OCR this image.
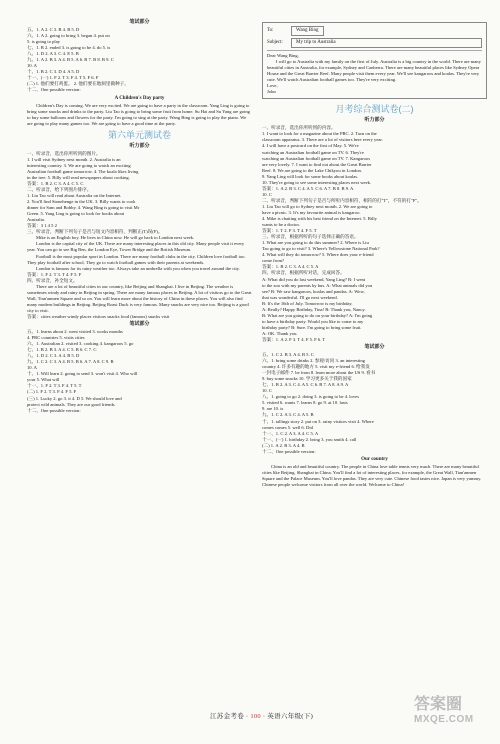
笔试部分
五、1. A 2. C 3. B 4. B 5. D
六、1. A 2. going to bring 3. began 4. put on
5. is going to play
七、1. B 2. ended 3. is going to be 4. do 5. is
八、1. D 2. A 3. C 4. E 5. B
九、1. A 2. B 3. A 4. B 5. A 6. B 7. B 8. B 9. C
10. A
十、1. B 2. C 3. D 4. A 5. D
十一、(一) 1. F 2. T 3. F 4. T 5. F 6. F
(二) 1. 他们要打鸡蛋。 2. 他们要在地洞里做种子。
十二、One possible version:
A Children's Day party
Children's Day is coming. We are very excited. We are going to have a party in the classroom. Yang Ling is going to bring some snacks and drinks to the party. Liu Tao is going to bring some fruit from home. Su Hai and Su Yang are going to buy some balloons and flowers for the party. I'm going to sing at the party. Wang Bing is going to play the piano. We are going to play many games too. We are going to have a good time at the party.
第六单元测试卷
听力部分
一、听录音，选出你所听到的图片。
1. I will visit Sydney next month. 2. Australia is an
interesting country. 3. We are going to watch an exciting
Australian football game tomorrow. 4. The koala likes living
in the tree. 5. Billy will read newspapers about cooking.
答案：1. B 2. C 3. A 4. C 5. C
二、听录音，给下列图片排序。
1. Liu Tao will read about Australia on the Internet.
2. You'll find Stonehenge in the UK. 3. Billy wants to cook
dinner for Sam and Bobby. 4. Wang Bing is going to visit Mr
Green. 5. Yang Ling is going to look for books about
Australia.
答案：3 1 4 5 2
三、听录音，判断下列句子是否与短文内容相符，判断正(T)误(F)。
Mike is an English boy. He lives in China now. He will go back to London next week.
London is the capital city of the UK. There are many interesting places in this old city. Many people visit it every year. You can go to see Big Ben, the London Eye, Tower Bridge and the British Museum.
Football is the most popular sport in London. There are many football clubs in the city. Children love football too. They play football after school, They go to watch football games with their parents at weekends.
London is famous for its rainy weather too. Always take an umbrella with you when you travel around the city.
答案：1. F 2. T 3. T 4. F 5. F
四、听录音，补全短文。
There are a lot of beautiful cities in our country, like Beijing and Shanghai. I live in Beijing. The weather is sometimes windy and rainy in Beijing in spring. There are many famous places in Beijing. A lot of visitors go to the Great Wall, Tian'anmen Square and so on. You will learn more about the history of China in these places. You will also find many modern buildings in Beijing. Beijing Roast Duck is very famous. Many snacks are very nice too. Beijing is a good city to visit.
答案：cities weather windy places visitors snacks food (famous) snacks visit
笔试部分
五、1. learns about 2. went visited 3. works months
4. PRC countries 5. visits cities
六、1. Australian 2. visited 3. cooking 4. kangaroos 5. go
七、1. B 2. B 3. A 4. C 5. B 6. C 7. C
八、1. D 2. C 3. A 4. B 5. D
九、1. C 2. C 3. A 4. B 5. B 6. A 7. A 8. C 9. B
10. A
十、1. Will learn 2. going to send 3. won't visit 4. Who will
your 5. What will
十一、1. F 2. T 3. F 4. T 5. T
(二) 1. F 2. T 3. F 4. F 5. F
(三) 1. Lucky 2. go 3. it 4. D 5. We should love and
protect wild animals. They are our good friends.
十二、One possible version:
To:	Wang Bing
Subject:	My trip to Australia
Dear Wang Bing,
I will go to Australia with my family on the first of July. Australia is a big country in the world. There are many beautiful cities in Australia, for example, Sydney and Canberra. There are many beautiful places like Sydney Opera House and the Great Barrier Reef. Many people visit them every year. We'll see kangaroos and koalas. They're very cute. We'll watch Australian football games too. They're very exciting.
Love,
John
月考综合测试卷(二)
听力部分
一、听录音，选出你所听到的内容。
1. I want to look for a magazine about the PRC. 2. Turn on the
classroom apparatus. 3. There are a lot of visitors here every year.
4. I will have a postcard on the first of May. 5. We're
watching an Australian football game on TV. 6. They're
watching an Australian football game on TV. 7. Kangaroos
are very lovely. 7. I want to find out about the Great Barrier
Reef. 8. We are going to the Lake Chikyou in London.
9. Yang Ling will look for some books about koalas.
10. They're going to see some interesting places next week.
答案：1. A 2. B 3. C 4. A 5. C 6. A 7. B 8. B 9. A
10. C
二、听录音，判断下列句子是否与所听内容相符，相符的打"T"，不符的打"F"。
1. Liu Tao will go to Sydney next month. 2. We are going to
have a picnic. 3. It's my favourite animal is kangaroo.
4. Mike is chatting with his best friend on the Internet. 5. Billy
wants to be a doctor.
答案：1. T 2. F 3. T 4. F 5. T
三、听录音，根据所听的句子选择正确的答语。
1. What are you going to do this summer? 2. Where is Liu
Tao going to go to visit? 3. Where's Yellowstone National Park?
4. What will they do tomorrow? 5. Where does your e-friend
come from?
答案：1. B 2. C 3. A 4. C 5. A
四、听录音，根据所听对话，完成回答。
A: What did you do last weekend, Yang Ling? B: I went
to the zoo with my parents by bus. A: What animals did you
see? B: We saw kangaroos, koalas and pandas. A: Wow,
that was wonderful. I'll go next weekend.
B: It's the 16th of July. Tomorrow is my birthday.
A: Really? Happy Birthday, Tina! B: Thank you, Nancy.
B: What are you going to do on your birthday? A: I'm going
to have a birthday party. Would you like to come to my
birthday party? B: Sure. I'm going to bring some fruit.
A: OK. Thank you.
答案：1. A 2. F 3. T 4. F 5. F 6. T
笔试部分
五、1. C 2. B 3. A 4. B 5. C
六、1. bring some drinks 2. 参观/访问 3. an interesting
country 4. 许多有趣的地方 5. visit my e-friend 6. 给我发
一封电子邮件 7. be from 8. learn more about the US 9. 看书
9. buy some snacks 10. 学习更多关于我的国家
七、1. B 2. A 3. C 4. A 5. C 6. B 7. A 8. A 9. A
10. C
八、1. going to go 2. doing 3. is going to be 4. loves
5. visited 6. wants 7. learns 8. go 9. at 10. lasts
9. are 10. is
九、1. C 2. A 3. C 4. A 5. B
十、1. tallings story 2. put on 3. rainy visitors visit 4. Where
comes comes 5. well 6. Did
十一、1. C 2. A 3. A 4. C 5. A
十一、(一) 1. birthday 2. bring 3. you smith 4. call
(二) 1. A 2. B 3. A 4. B
十二、One possible version:
Our country
China is an old and beautiful country. The people in China love table tennis very much. There are many beautiful cities like Beijing, Shanghai in China. You'll find a lot of interesting places, for example, the Great Wall, Tian'anmen Square and the Palace Museum. You'll love pandas. They are very cute. Chinese food tastes nice. Japan is very yummy. Chinese people welcome visitors from all over the world. Welcome to China!
江苏金考卷 · 100 · 英语六年级(下)
答案圈
MXQE.COM
